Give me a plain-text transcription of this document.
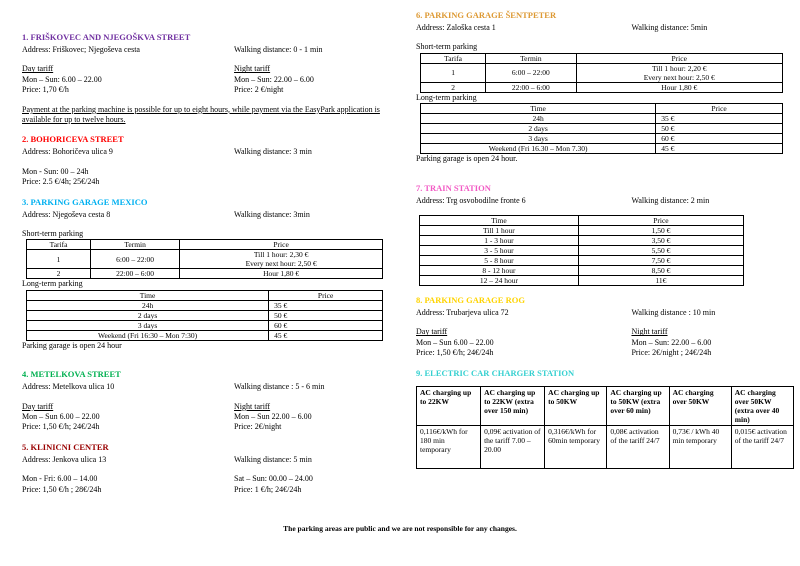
1. FRIŠKOVEC AND NJEGOŠKVA STREET

Address: Friškovec; Njegoševa cesta	Walking distance: 0 - 1 min
Day tariff	Night tariff
Mon – Sun: 6.00 – 22.00	Mon – Sun: 22.00 – 6.00
Price: 1,70 €/h	Price: 2 €/night

Payment at the parking machine is possible for up to eight hours, while payment via the EasyPark application is available for up to twelve hours.

2. BOHORICEVA STREET

Address: Bohoričeva ulica 9	Walking distance: 3 min
Mon - Sun: 00 – 24h
Price: 2.5 €/4h; 25€/24h

3. PARKING GARAGE MEXICO

Address: Njegoševa cesta 8	Walking distance: 3min
Short-term parking
Tarifa	Termin	Price
1	6:00 – 22:00	Till 1 hour: 2,30 €
Every next hour: 2,50 €
2	22:00 – 6:00	Hour 1,80 €
Long-term parking
Time	Price
24h	35 €
2 days	50 €
3 days	60 €
Weekend (Fri 16:30 – Mon 7:30)	45 €
Parking garage is open 24 hour

4. METELKOVA STREET

Address: Metelkova ulica 10	Walking distance : 5 - 6 min
Day tariff	Night tariff
Mon – Sun 6.00 – 22.00	Mon – Sun 22.00 – 6.00
Price: 1,50 €/h; 24€/24h	Price: 2€/night

5. KLINICNI CENTER

Address: Jenkova ulica 13	Walking distance: 5 min
Mon - Fri: 6.00 – 14.00	Sat – Sun: 00.00 – 24.00
Price: 1,50 €/h ; 28€/24h	Price: 1 €/h; 24€/24h

6. PARKING GARAGE ŠENTPETER

Address: Zaloška cesta 1	Walking distance: 5min
Short-term parking
Tarifa	Termin	Price
1	6:00 – 22:00	Till 1 hour: 2,20 €
Every next hour: 2,50 €
2	22:00 – 6:00	Hour 1,80 €
Long-term parking
Time	Price
24h	35 €
2 days	50 €
3 days	60 €
Weekend (Fri 16.30 – Mon 7.30)	45 €
Parking garage is open 24 hour.

7. TRAIN STATION

Address: Trg osvobodilne fronte 6	Walking distance: 2 min
Time	Price
Till 1 hour	1,50 €
1 - 3 hour	3,50 €
3 - 5 hour	5,50 €
5 - 8 hour	7,50 €
8 - 12 hour	8,50 €
12 – 24 hour	11€

8. PARKING GARAGE ROG

Address: Trubarjeva ulica 72	Walking distance : 10 min
Day tariff	Night tariff
Mon – Sun 6.00 – 22.00	Mon – Sun: 22.00 – 6.00
Price: 1,50 €/h; 24€/24h	Price: 2€/night ; 24€/24h

9. ELECTRIC CAR CHARGER STATION

AC charging up to 22KW	AC charging up to 22KW (extra over 150 min)	AC charging up to 50KW	AC charging up to 50KW (extra over 60 min)	AC charging over 50KW	AC charging over 50KW (extra over 40 min)
0,116€/kWh for 180 min temporary	0,09€ activation of the tariff 7.00 – 20.00	0,316€/kWh for 60min temporary	0,08€ activation of the tariff 24/7	0,73€ / kWh 40 min temporary	0,015€ activation of the tariff 24/7
The parking areas are public and we are not responsible for any changes.
